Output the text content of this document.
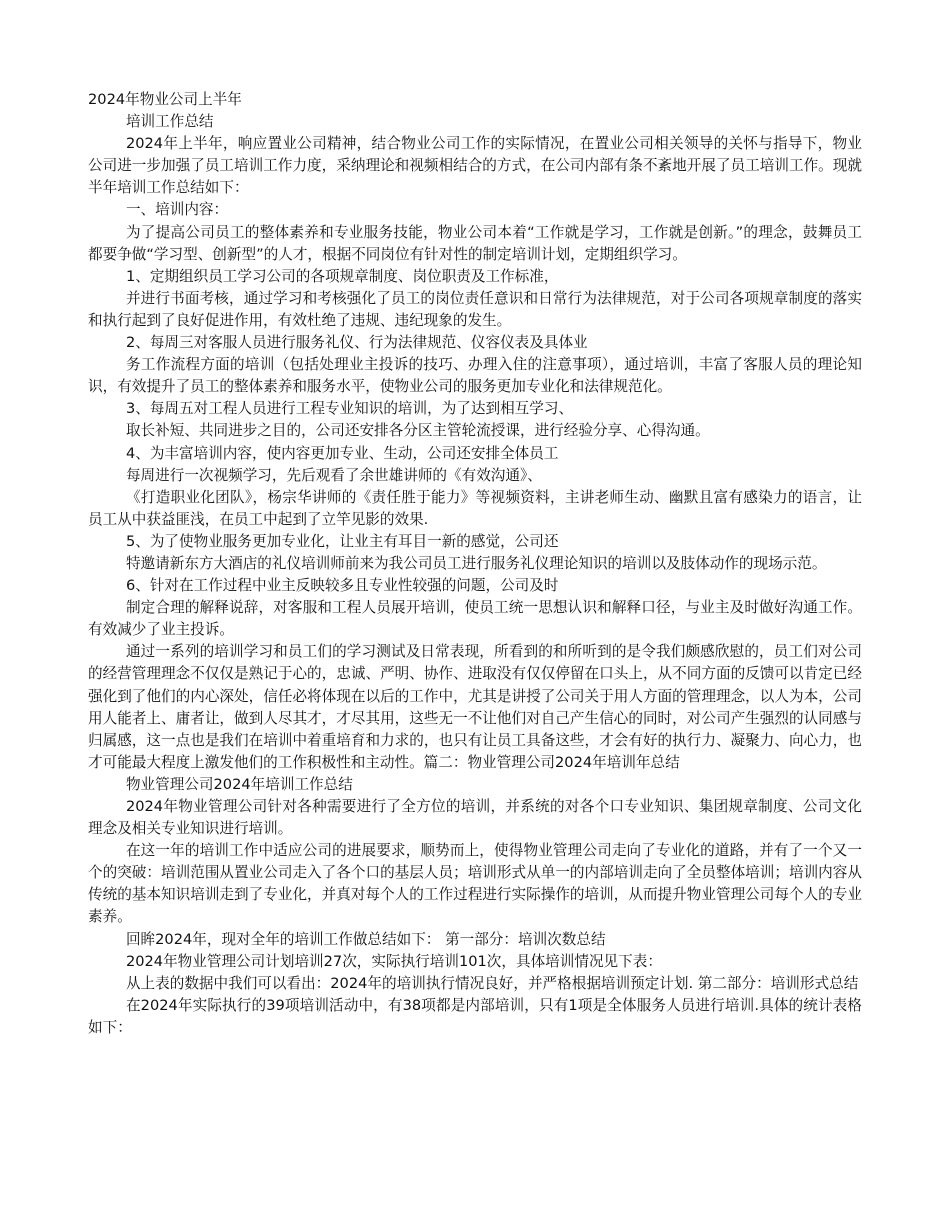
2024年物业公司上半年

培训工作总结

2024年上半年，响应置业公司精神，结合物业公司工作的实际情况，在置业公司相关领导的关怀与指导下，物业公司进一步加强了员工培训工作力度，采纳理论和视频相结合的方式，在公司内部有条不紊地开展了员工培训工作。现就半年培训工作总结如下：

一、培训内容：

为了提高公司员工的整体素养和专业服务技能，物业公司本着“工作就是学习，工作就是创新。”的理念，鼓舞员工都要争做“学习型、创新型”的人才，根据不同岗位有针对性的制定培训计划，定期组织学习。

1、定期组织员工学习公司的各项规章制度、岗位职责及工作标准，

并进行书面考核，通过学习和考核强化了员工的岗位责任意识和日常行为法律规范，对于公司各项规章制度的落实和执行起到了良好促进作用，有效杜绝了违规、违纪现象的发生。

2、每周三对客服人员进行服务礼仪、行为法律规范、仪容仪表及具体业

务工作流程方面的培训（包括处理业主投诉的技巧、办理入住的注意事项），通过培训，丰富了客服人员的理论知识，有效提升了员工的整体素养和服务水平，使物业公司的服务更加专业化和法律规范化。

3、每周五对工程人员进行工程专业知识的培训，为了达到相互学习、

取长补短、共同进步之目的，公司还安排各分区主管轮流授课，进行经验分享、心得沟通。

4、为丰富培训内容，使内容更加专业、生动，公司还安排全体员工

每周进行一次视频学习，先后观看了余世雄讲师的《有效沟通》、

《打造职业化团队》，杨宗华讲师的《责任胜于能力》等视频资料，主讲老师生动、幽默且富有感染力的语言，让员工从中获益匪浅，在员工中起到了立竿见影的效果.

5、为了使物业服务更加专业化，让业主有耳目一新的感觉，公司还

特邀请新东方大酒店的礼仪培训师前来为我公司员工进行服务礼仪理论知识的培训以及肢体动作的现场示范。

6、针对在工作过程中业主反映较多且专业性较强的问题，公司及时

制定合理的解释说辞，对客服和工程人员展开培训，使员工统一思想认识和解释口径，与业主及时做好沟通工作。有效减少了业主投诉。

通过一系列的培训学习和员工们的学习测试及日常表现，所看到的和所听到的是令我们颇感欣慰的，员工们对公司的经营管理理念不仅仅是熟记于心的，忠诚、严明、协作、进取没有仅仅停留在口头上，从不同方面的反馈可以肯定已经强化到了他们的内心深处，信任必将体现在以后的工作中，尤其是讲授了公司关于用人方面的管理理念，以人为本，公司用人能者上、庸者让，做到人尽其才，才尽其用，这些无一不让他们对自己产生信心的同时，对公司产生强烈的认同感与归属感，这一点也是我们在培训中着重培育和力求的，也只有让员工具备这些，才会有好的执行力、凝聚力、向心力，也才可能最大程度上激发他们的工作积极性和主动性。篇二：物业管理公司2024年培训年总结

物业管理公司2024年培训工作总结

2024年物业管理公司针对各种需要进行了全方位的培训，并系统的对各个口专业知识、集团规章制度、公司文化理念及相关专业知识进行培训。

在这一年的培训工作中适应公司的进展要求，顺势而上，使得物业管理公司走向了专业化的道路，并有了一个又一个的突破：培训范围从置业公司走入了各个口的基层人员；培训形式从单一的内部培训走向了全员整体培训；培训内容从传统的基本知识培训走到了专业化，并真对每个人的工作过程进行实际操作的培训，从而提升物业管理公司每个人的专业素养。

回眸2024年，现对全年的培训工作做总结如下： 第一部分：培训次数总结

2024年物业管理公司计划培训27次，实际执行培训101次，具体培训情况见下表：

从上表的数据中我们可以看出：2024年的培训执行情况良好，并严格根据培训预定计划. 第二部分：培训形式总结

在2024年实际执行的39项培训活动中，有38项都是内部培训，只有1项是全体服务人员进行培训.具体的统计表格如下：
